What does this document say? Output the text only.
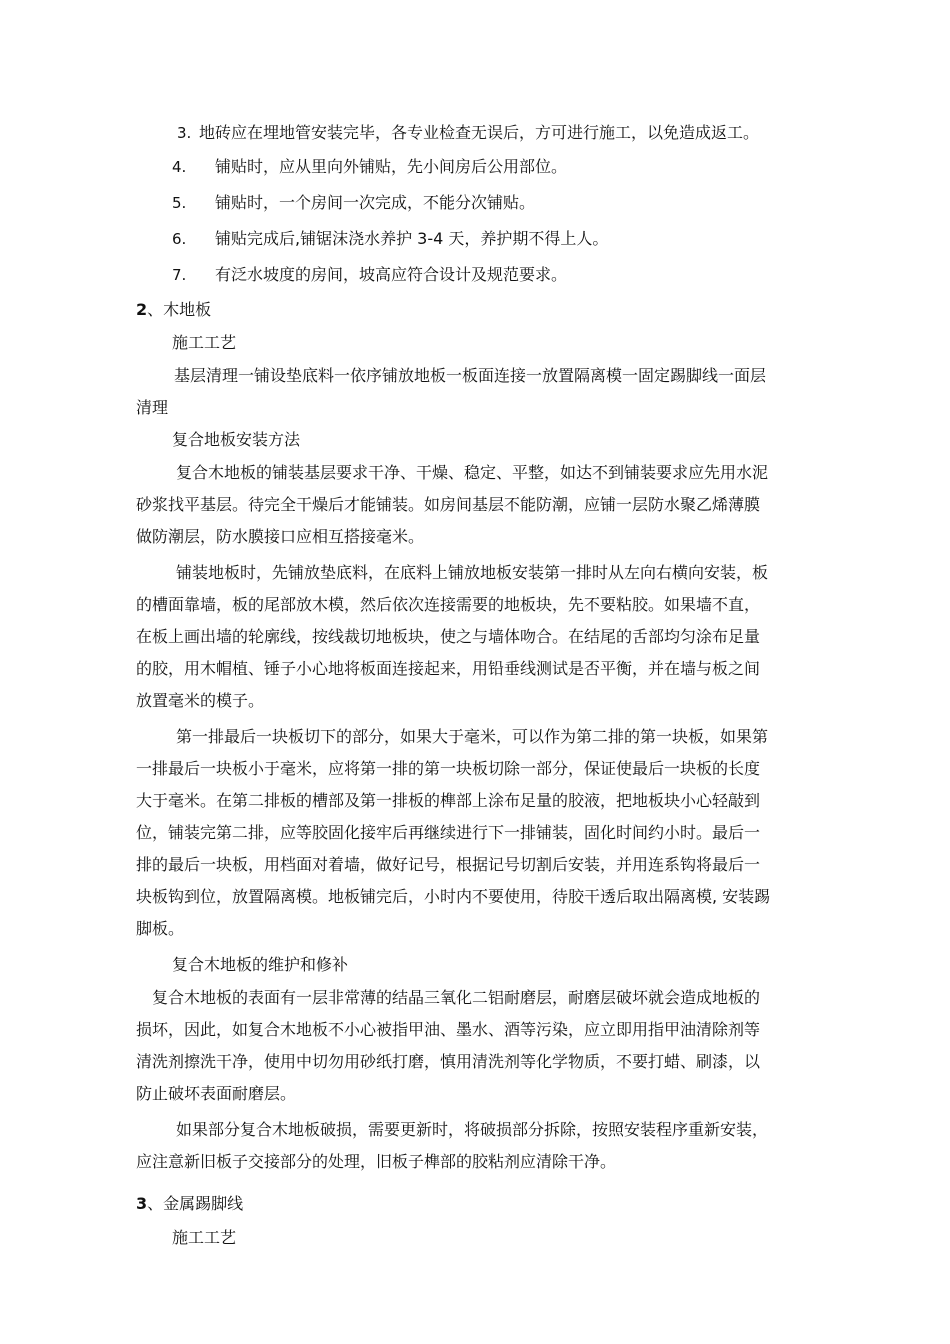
3. 地砖应在埋地管安装完毕，各专业检查无误后，方可进行施工，以免造成返工。
4. 铺贴时，应从里向外铺贴，先小间房后公用部位。
5. 铺贴时，一个房间一次完成，不能分次铺贴。
6. 铺贴完成后,铺锯沫浇水养护 3-4 天，养护期不得上人。
7. 有泛水坡度的房间，坡高应符合设计及规范要求。
2、木地板
施工工艺
基层清理一铺设垫底料一依序铺放地板一板面连接一放置隔离模一固定踢脚线一面层
清理
复合地板安装方法
复合木地板的铺装基层要求干净、干燥、稳定、平整，如达不到铺装要求应先用水泥
砂浆找平基层。待完全干燥后才能铺装。如房间基层不能防潮，应铺一层防水聚乙烯薄膜
做防潮层，防水膜接口应相互搭接毫米。
铺装地板时，先铺放垫底料，在底料上铺放地板安装第一排时从左向右横向安装，板
的槽面靠墙，板的尾部放木模，然后依次连接需要的地板块，先不要粘胶。如果墙不直，
在板上画出墙的轮廓线，按线裁切地板块，使之与墙体吻合。在结尾的舌部均匀涂布足量
的胶，用木帽植、锤子小心地将板面连接起来，用铅垂线测试是否平衡，并在墙与板之间
放置毫米的模子。
第一排最后一块板切下的部分，如果大于毫米，可以作为第二排的第一块板，如果第
一排最后一块板小于毫米，应将第一排的第一块板切除一部分，保证使最后一块板的长度
大于毫米。在第二排板的槽部及第一排板的榫部上涂布足量的胶液，把地板块小心轻敲到
位，铺装完第二排，应等胶固化接牢后再继续进行下一排铺装，固化时间约小时。最后一
排的最后一块板，用档面对着墙，做好记号，根据记号切割后安装，并用连系钩将最后一
块板钩到位，放置隔离模。地板铺完后，小时内不要使用，待胶干透后取出隔离模, 安装踢
脚板。
复合木地板的维护和修补
复合木地板的表面有一层非常薄的结晶三氧化二铝耐磨层，耐磨层破坏就会造成地板的
损坏，因此，如复合木地板不小心被指甲油、墨水、酒等污染，应立即用指甲油清除剂等
清洗剂擦洗干净，使用中切勿用砂纸打磨，慎用清洗剂等化学物质，不要打蜡、刷漆，以
防止破坏表面耐磨层。
如果部分复合木地板破损，需要更新时，将破损部分拆除，按照安装程序重新安装，
应注意新旧板子交接部分的处理，旧板子榫部的胶粘剂应清除干净。
3、金属踢脚线
施工工艺
